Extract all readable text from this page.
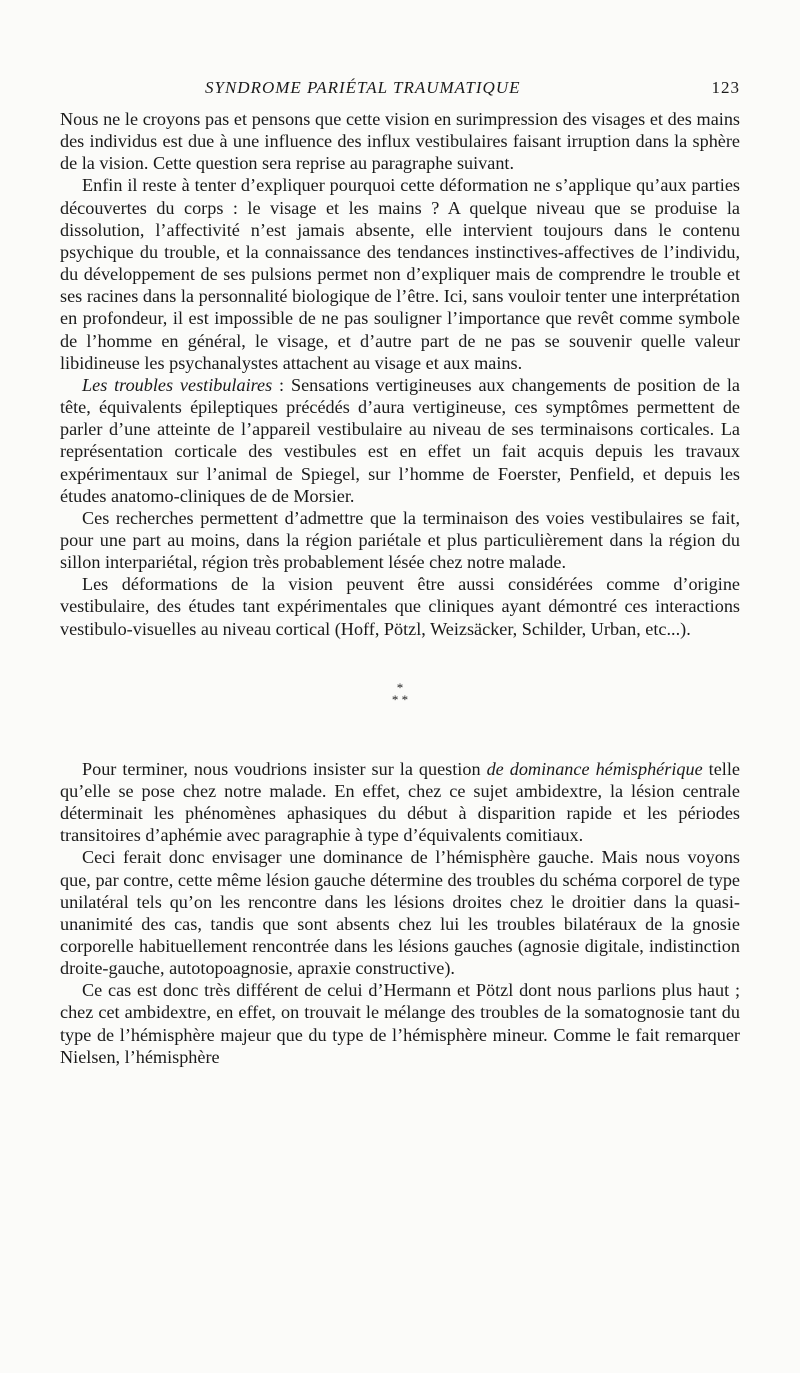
SYNDROME PARIÉTAL TRAUMATIQUE	123

Nous ne le croyons pas et pensons que cette vision en surimpression des visages et des mains des individus est due à une influence des influx vestibulaires faisant irruption dans la sphère de la vision. Cette question sera reprise au paragraphe suivant.

Enfin il reste à tenter d’expliquer pourquoi cette déformation ne s’applique qu’aux parties découvertes du corps : le visage et les mains ? A quelque niveau que se produise la dissolution, l’affectivité n’est jamais absente, elle intervient toujours dans le contenu psychique du trouble, et la connaissance des tendances instinctives-affectives de l’individu, du développement de ses pulsions permet non d’expliquer mais de comprendre le trouble et ses racines dans la personnalité biologique de l’être. Ici, sans vouloir tenter une interprétation en profondeur, il est impossible de ne pas souligner l’importance que revêt comme symbole de l’homme en général, le visage, et d’autre part de ne pas se souvenir quelle valeur libidineuse les psychanalystes attachent au visage et aux mains.

Les troubles vestibulaires : Sensations vertigineuses aux changements de position de la tête, équivalents épileptiques précédés d’aura vertigineuse, ces symptômes permettent de parler d’une atteinte de l’appareil vestibulaire au niveau de ses terminaisons corticales. La représentation corticale des vestibules est en effet un fait acquis depuis les travaux expérimentaux sur l’animal de Spiegel, sur l’homme de Foerster, Penfield, et depuis les études anatomo-cliniques de de Morsier.

Ces recherches permettent d’admettre que la terminaison des voies vestibulaires se fait, pour une part au moins, dans la région pariétale et plus particulièrement dans la région du sillon interpariétal, région très probablement lésée chez notre malade.

Les déformations de la vision peuvent être aussi considérées comme d’origine vestibulaire, des études tant expérimentales que cliniques ayant démontré ces interactions vestibulo-visuelles au niveau cortical (Hoff, Pötzl, Weizsäcker, Schilder, Urban, etc...).

*
* *

Pour terminer, nous voudrions insister sur la question de dominance hémisphérique telle qu’elle se pose chez notre malade. En effet, chez ce sujet ambidextre, la lésion centrale déterminait les phénomènes aphasiques du début à disparition rapide et les périodes transitoires d’aphémie avec paragraphie à type d’équivalents comitiaux.

Ceci ferait donc envisager une dominance de l’hémisphère gauche. Mais nous voyons que, par contre, cette même lésion gauche détermine des troubles du schéma corporel de type unilatéral tels qu’on les rencontre dans les lésions droites chez le droitier dans la quasi-unanimité des cas, tandis que sont absents chez lui les troubles bilatéraux de la gnosie corporelle habituellement rencontrée dans les lésions gauches (agnosie digitale, indistinction droite-gauche, autotopoagnosie, apraxie constructive).

Ce cas est donc très différent de celui d’Hermann et Pötzl dont nous parlions plus haut ; chez cet ambidextre, en effet, on trouvait le mélange des troubles de la somatognosie tant du type de l’hémisphère majeur que du type de l’hémisphère mineur. Comme le fait remarquer Nielsen, l’hémisphère
